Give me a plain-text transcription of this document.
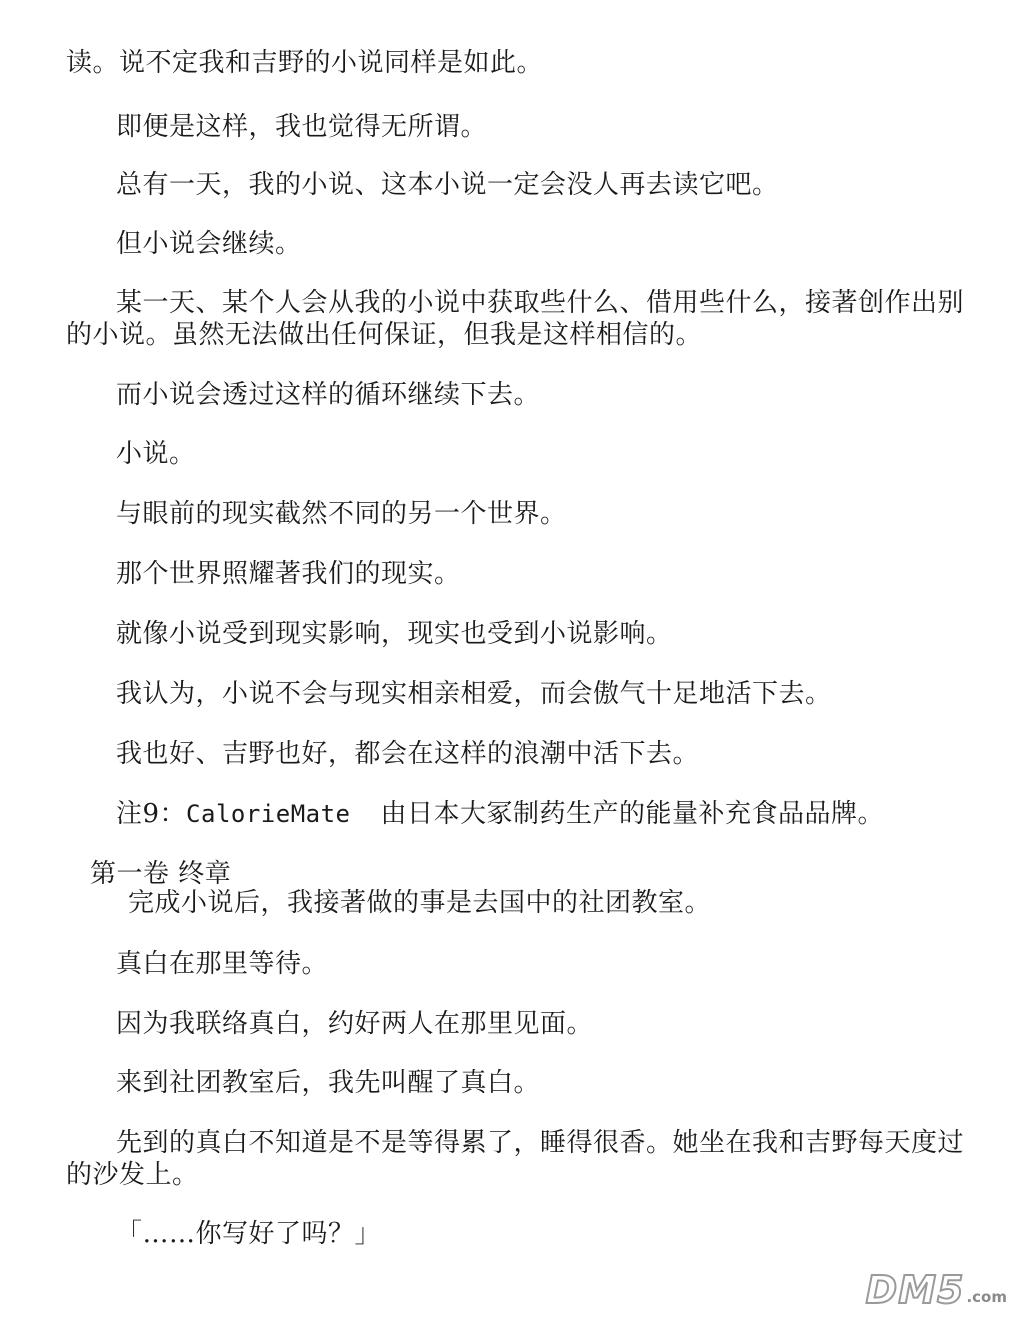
读。说不定我和吉野的小说同样是如此。
即便是这样，我也觉得无所谓。
总有一天，我的小说、这本小说一定会没人再去读它吧。
但小说会继续。
某一天、某个人会从我的小说中获取些什么、借用些什么，接著创作出别
的小说。虽然无法做出任何保证，但我是这样相信的。
而小说会透过这样的循环继续下去。
小说。
与眼前的现实截然不同的另一个世界。
那个世界照耀著我们的现实。
就像小说受到现实影响，现实也受到小说影响。
我认为，小说不会与现实相亲相爱，而会傲气十足地活下去。
我也好、吉野也好，都会在这样的浪潮中活下去。
注9：CalorieMate 由日本大冢制药生产的能量补充食品品牌。
第一卷 终章
完成小说后，我接著做的事是去国中的社团教室。
真白在那里等待。
因为我联络真白，约好两人在那里见面。
来到社团教室后，我先叫醒了真白。
先到的真白不知道是不是等得累了，睡得很香。她坐在我和吉野每天度过
的沙发上。
「……你写好了吗？」
DM5 .com
